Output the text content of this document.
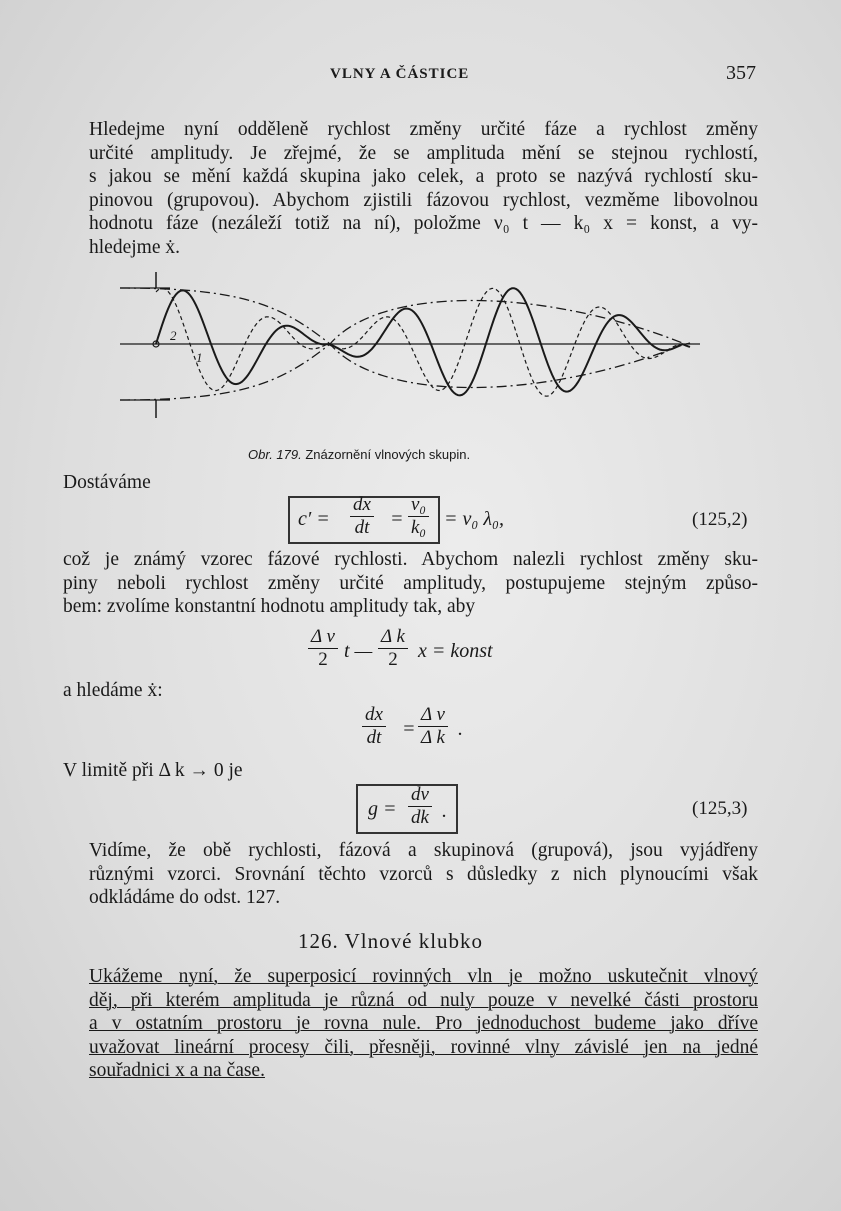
VLNY A ČÁSTICE	357
Hledejme nyní odděleně rychlost změny určité fáze a rychlost změny
určité amplitudy. Je zřejmé, že se amplituda mění se stejnou rychlostí,
s jakou se mění každá skupina jako celek, a proto se nazývá rychlostí sku-
pinovou (grupovou). Abychom zjistili fázovou rychlost, vezměme libovolnou
hodnotu fáze (nezáleží totiž na ní), položme ν₀ t — k₀ x = konst, a vy-
hledejme ẋ.
2
1
Obr. 179. Znázornění vlnových skupin.
Dostáváme
$c' = \frac{dx}{dt} = \frac{\text{ν₀}}{\text{k₀}} = \nu_0$ λ₀,	(125,2)
což je známý vzorec fázové rychlosti. Abychom nalezli rychlost změny sku-
piny neboli rychlost změny určité amplitudy, postupujeme stejným způso-
bem: zvolíme konstantní hodnotu amplitudy tak, aby
$\frac{\text{Δ ν}}{2}$ t — $\frac{\text{Δ k}}{2}$ x = konst
a hledáme ẋ:
$\frac{dx}{dt} = \frac{\text{Δ ν}}{\text{Δ k}}$ .
V limitě při Δ k → 0 je
$g = \frac{d\nu}{dk}$ .	(125,3)
Vidíme, že obě rychlosti, fázová a skupinová (grupová), jsou vyjádřeny
různými vzorci. Srovnání těchto vzorců s důsledky z nich plynoucími však
odkládáme do odst. 127.
126. Vlnové klubko
Ukážeme nyní, že superposicí rovinných vln je možno uskutečnit vlnový
děj, při kterém amplituda je různá od nuly pouze v nevelké části prostoru
a v ostatním prostoru je rovna nule. Pro jednoduchost budeme jako dříve
uvažovat lineární procesy čili, přesněji, rovinné vlny závislé jen na jedné
souřadnici x a na čase.
